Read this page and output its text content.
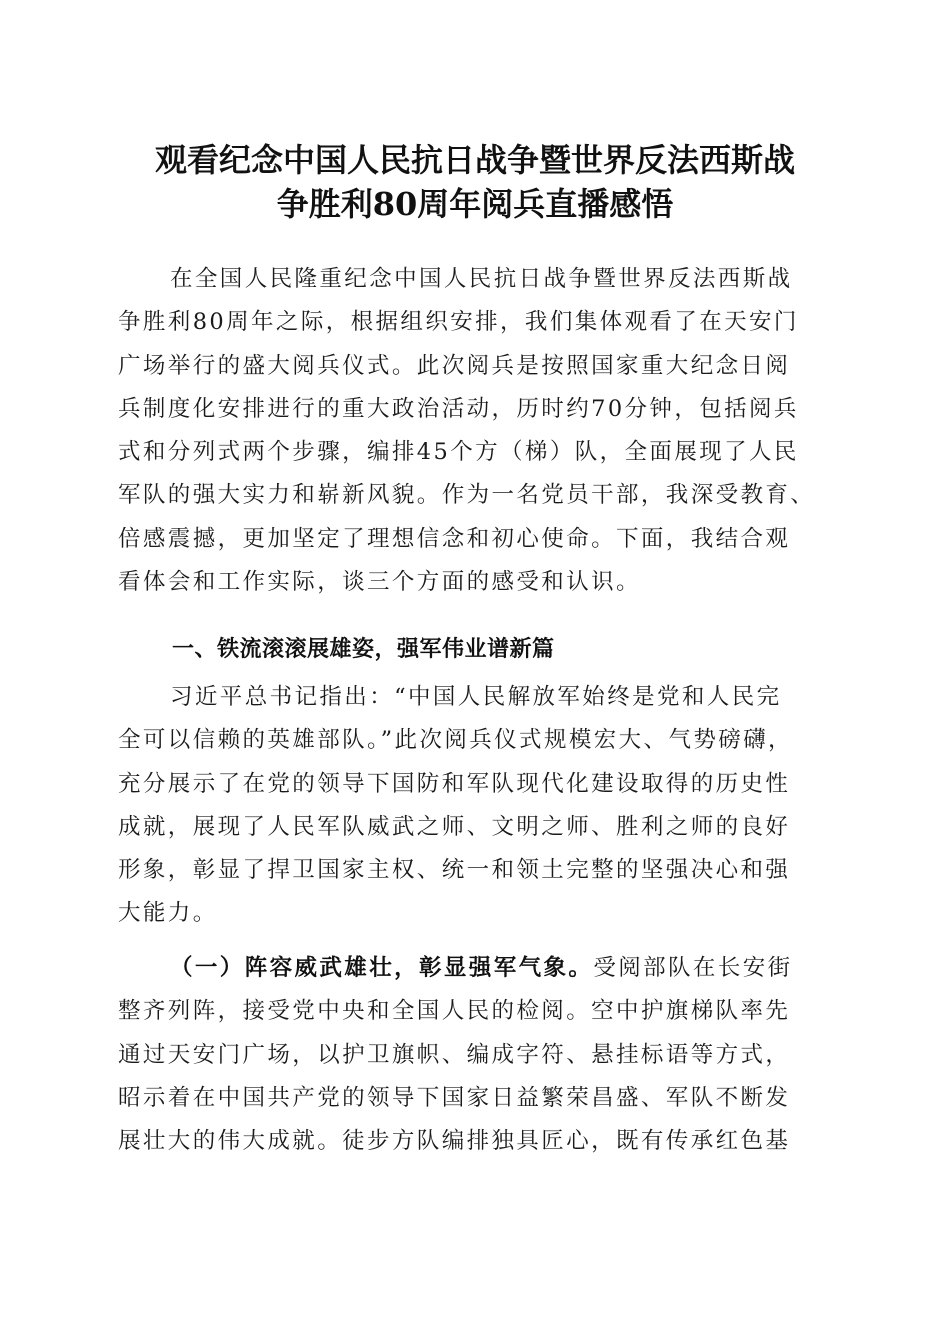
观看纪念中国人民抗日战争暨世界反法西斯战
争胜利80周年阅兵直播感悟
在全国人民隆重纪念中国人民抗日战争暨世界反法西斯战
争胜利80周年之际，根据组织安排，我们集体观看了在天安门
广场举行的盛大阅兵仪式。此次阅兵是按照国家重大纪念日阅
兵制度化安排进行的重大政治活动，历时约70分钟，包括阅兵
式和分列式两个步骤，编排45个方（梯）队，全面展现了人民
军队的强大实力和崭新风貌。作为一名党员干部，我深受教育、
倍感震撼，更加坚定了理想信念和初心使命。下面，我结合观
看体会和工作实际，谈三个方面的感受和认识。
一、铁流滚滚展雄姿，强军伟业谱新篇
习近平总书记指出：“中国人民解放军始终是党和人民完
全可以信赖的英雄部队。”此次阅兵仪式规模宏大、气势磅礴，
充分展示了在党的领导下国防和军队现代化建设取得的历史性
成就，展现了人民军队威武之师、文明之师、胜利之师的良好
形象，彰显了捍卫国家主权、统一和领土完整的坚强决心和强
大能力。
（一）阵容威武雄壮，彰显强军气象。受阅部队在长安街
整齐列阵，接受党中央和全国人民的检阅。空中护旗梯队率先
通过天安门广场，以护卫旗帜、编成字符、悬挂标语等方式，
昭示着在中国共产党的领导下国家日益繁荣昌盛、军队不断发
展壮大的伟大成就。徒步方队编排独具匠心，既有传承红色基
